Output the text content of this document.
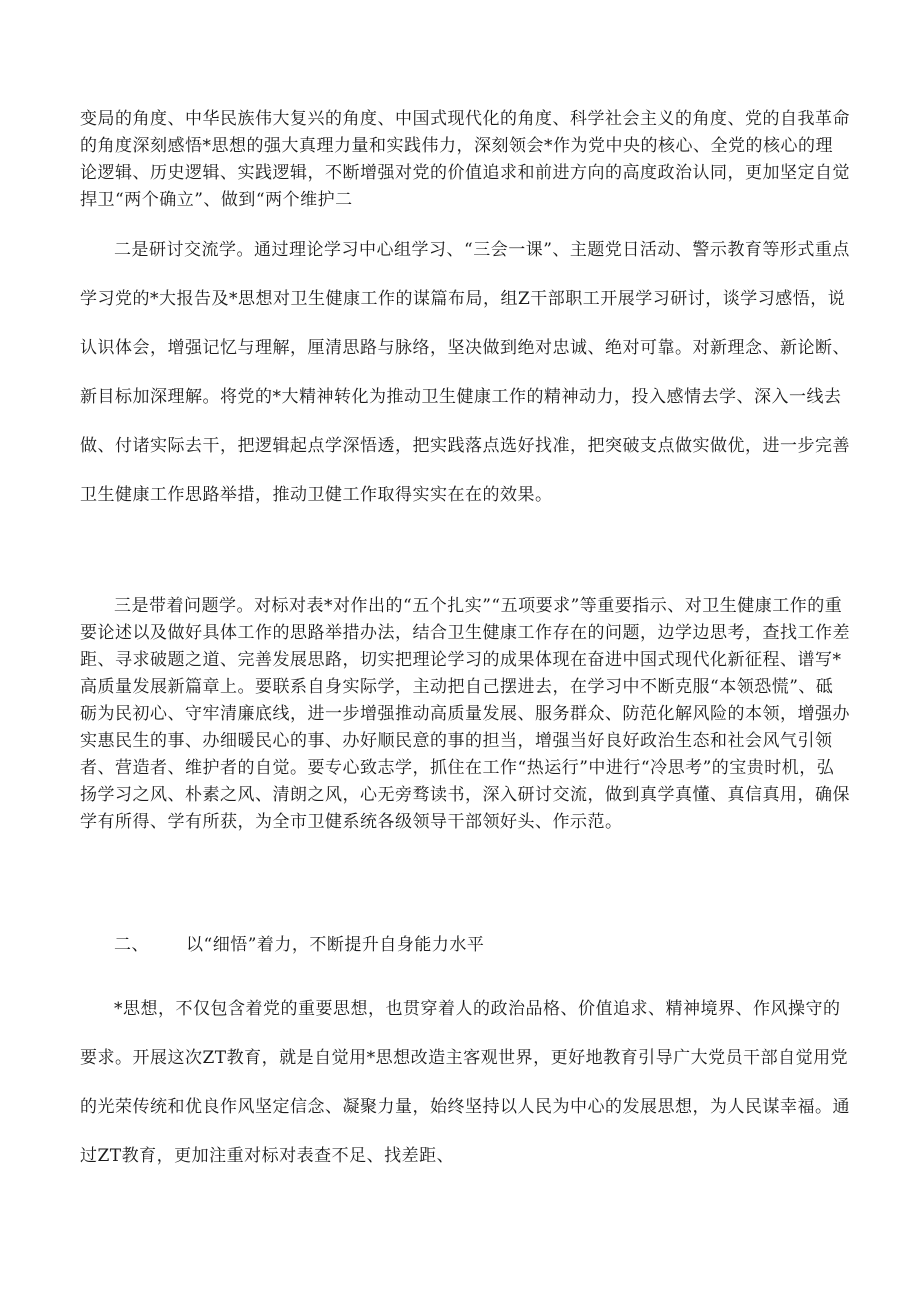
变局的角度、中华民族伟大复兴的角度、中国式现代化的角度、科学社会主义的角度、党的自我革命的角度深刻感悟*思想的强大真理力量和实践伟力，深刻领会*作为党中央的核心、全党的核心的理论逻辑、历史逻辑、实践逻辑，不断增强对党的价值追求和前进方向的高度政治认同，更加坚定自觉捍卫“两个确立”、做到“两个维护二

二是研讨交流学。通过理论学习中心组学习、“三会一课”、主题党日活动、警示教育等形式重点学习党的*大报告及*思想对卫生健康工作的谋篇布局，组Z干部职工开展学习研讨，谈学习感悟，说认识体会，增强记忆与理解，厘清思路与脉络，坚决做到绝对忠诚、绝对可靠。对新理念、新论断、新目标加深理解。将党的*大精神转化为推动卫生健康工作的精神动力，投入感情去学、深入一线去做、付诸实际去干，把逻辑起点学深悟透，把实践落点选好找准，把突破支点做实做优，进一步完善卫生健康工作思路举措，推动卫健工作取得实实在在的效果。

三是带着问题学。对标对表*对作出的“五个扎实”“五项要求”等重要指示、对卫生健康工作的重要论述以及做好具体工作的思路举措办法，结合卫生健康工作存在的问题，边学边思考，查找工作差距、寻求破题之道、完善发展思路，切实把理论学习的成果体现在奋进中国式现代化新征程、谱写*高质量发展新篇章上。要联系自身实际学，主动把自己摆进去，在学习中不断克服“本领恐慌”、砥砺为民初心、守牢清廉底线，进一步增强推动高质量发展、服务群众、防范化解风险的本领，增强办实惠民生的事、办细暖民心的事、办好顺民意的事的担当，增强当好良好政治生态和社会风气引领者、营造者、维护者的自觉。要专心致志学，抓住在工作“热运行”中进行“冷思考”的宝贵时机，弘扬学习之风、朴素之风、清朗之风，心无旁骛读书，深入研讨交流，做到真学真懂、真信真用，确保学有所得、学有所获，为全市卫健系统各级领导干部领好头、作示范。

二、 以“细悟”着力，不断提升自身能力水平

*思想，不仅包含着党的重要思想，也贯穿着人的政治品格、价值追求、精神境界、作风操守的要求。开展这次ZT教育，就是自觉用*思想改造主客观世界，更好地教育引导广大党员干部自觉用党的光荣传统和优良作风坚定信念、凝聚力量，始终坚持以人民为中心的发展思想，为人民谋幸福。通过ZT教育，更加注重对标对表查不足、找差距、
